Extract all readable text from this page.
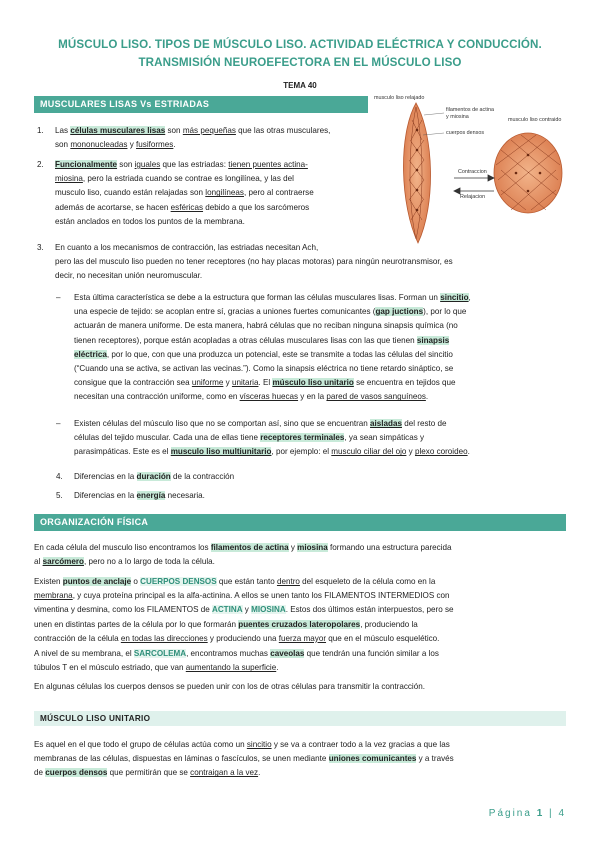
MÚSCULO LISO. TIPOS DE MÚSCULO LISO. ACTIVIDAD ELÉCTRICA Y CONDUCCIÓN.
TRANSMISIÓN NEUROEFECTORA EN EL MÚSCULO LISO
TEMA 40
MUSCULARES LISAS Vs ESTRIADAS
musculo liso relajado
filamentos de actina y miosina
cuerpos densos
musculo liso contraido
Contraccion
Relajacion
1. Las células musculares lisas son más pequeñas que las otras musculares,
son mononucleadas y fusiformes.
2. Funcionalmente son iguales que las estriadas: tienen puentes actina-
miosina, pero la estriada cuando se contrae es longilínea, y las del
musculo liso, cuando están relajadas son longilíneas, pero al contraerse
además de acortarse, se hacen esféricas debido a que los sarcómeros
están anclados en todos los puntos de la membrana.
3. En cuanto a los mecanismos de contracción, las estriadas necesitan Ach,
pero las del musculo liso pueden no tener receptores (no hay placas motoras) para ningún neurotransmisor, es
decir, no necesitan unión neuromuscular.
– Esta última característica se debe a la estructura que forman las células musculares lisas. Forman un sincitio,
una especie de tejido: se acoplan entre sí, gracias a uniones fuertes comunicantes (gap juctions), por lo que
actuarán de manera uniforme. De esta manera, habrá células que no reciban ninguna sinapsis química (no
tienen receptores), porque están acopladas a otras células musculares lisas con las que tienen sinapsis
eléctrica, por lo que, con que una produzca un potencial, este se transmite a todas las células del sincitio
(“Cuando una se activa, se activan las vecinas.”). Como la sinapsis eléctrica no tiene retardo sináptico, se
consigue que la contracción sea uniforme y unitaria. El músculo liso unitario se encuentra en tejidos que
necesitan una contracción uniforme, como en vísceras huecas y en la pared de vasos sanguíneos.
– Existen células del músculo liso que no se comportan así, sino que se encuentran aisladas del resto de
células del tejido muscular. Cada una de ellas tiene receptores terminales, ya sean simpáticas y
parasimpáticas. Este es el musculo liso multiunitario, por ejemplo: el musculo ciliar del ojo y plexo coroideo.
4. Diferencias en la duración de la contracción
5. Diferencias en la energía necesaria.
ORGANIZACIÓN FÍSICA
En cada célula del musculo liso encontramos los filamentos de actina y miosina formando una estructura parecida
al sarcómero, pero no a lo largo de toda la célula.
Existen puntos de anclaje o CUERPOS DENSOS que están tanto dentro del esqueleto de la célula como en la
membrana, y cuya proteína principal es la alfa-actinina. A ellos se unen tanto los FILAMENTOS INTERMEDIOS con
vimentina y desmina, como los FILAMENTOS de ACTINA y MIOSINA. Estos dos últimos están interpuestos, pero se
unen en distintas partes de la célula por lo que formarán puentes cruzados lateropolares, produciendo la
contracción de la célula en todas las direcciones y produciendo una fuerza mayor que en el músculo esquelético.
A nivel de su membrana, el SARCOLEMA, encontramos muchas caveolas que tendrán una función similar a los
túbulos T en el músculo estriado, que van aumentando la superficie.
En algunas células los cuerpos densos se pueden unir con los de otras células para transmitir la contracción.
MÚSCULO LISO UNITARIO
Es aquel en el que todo el grupo de células actúa como un sincitio y se va a contraer todo a la vez gracias a que las
membranas de las células, dispuestas en láminas o fascículos, se unen mediante uniones comunicantes y a través
de cuerpos densos que permitirán que se contraigan a la vez.
Página 1 | 4
